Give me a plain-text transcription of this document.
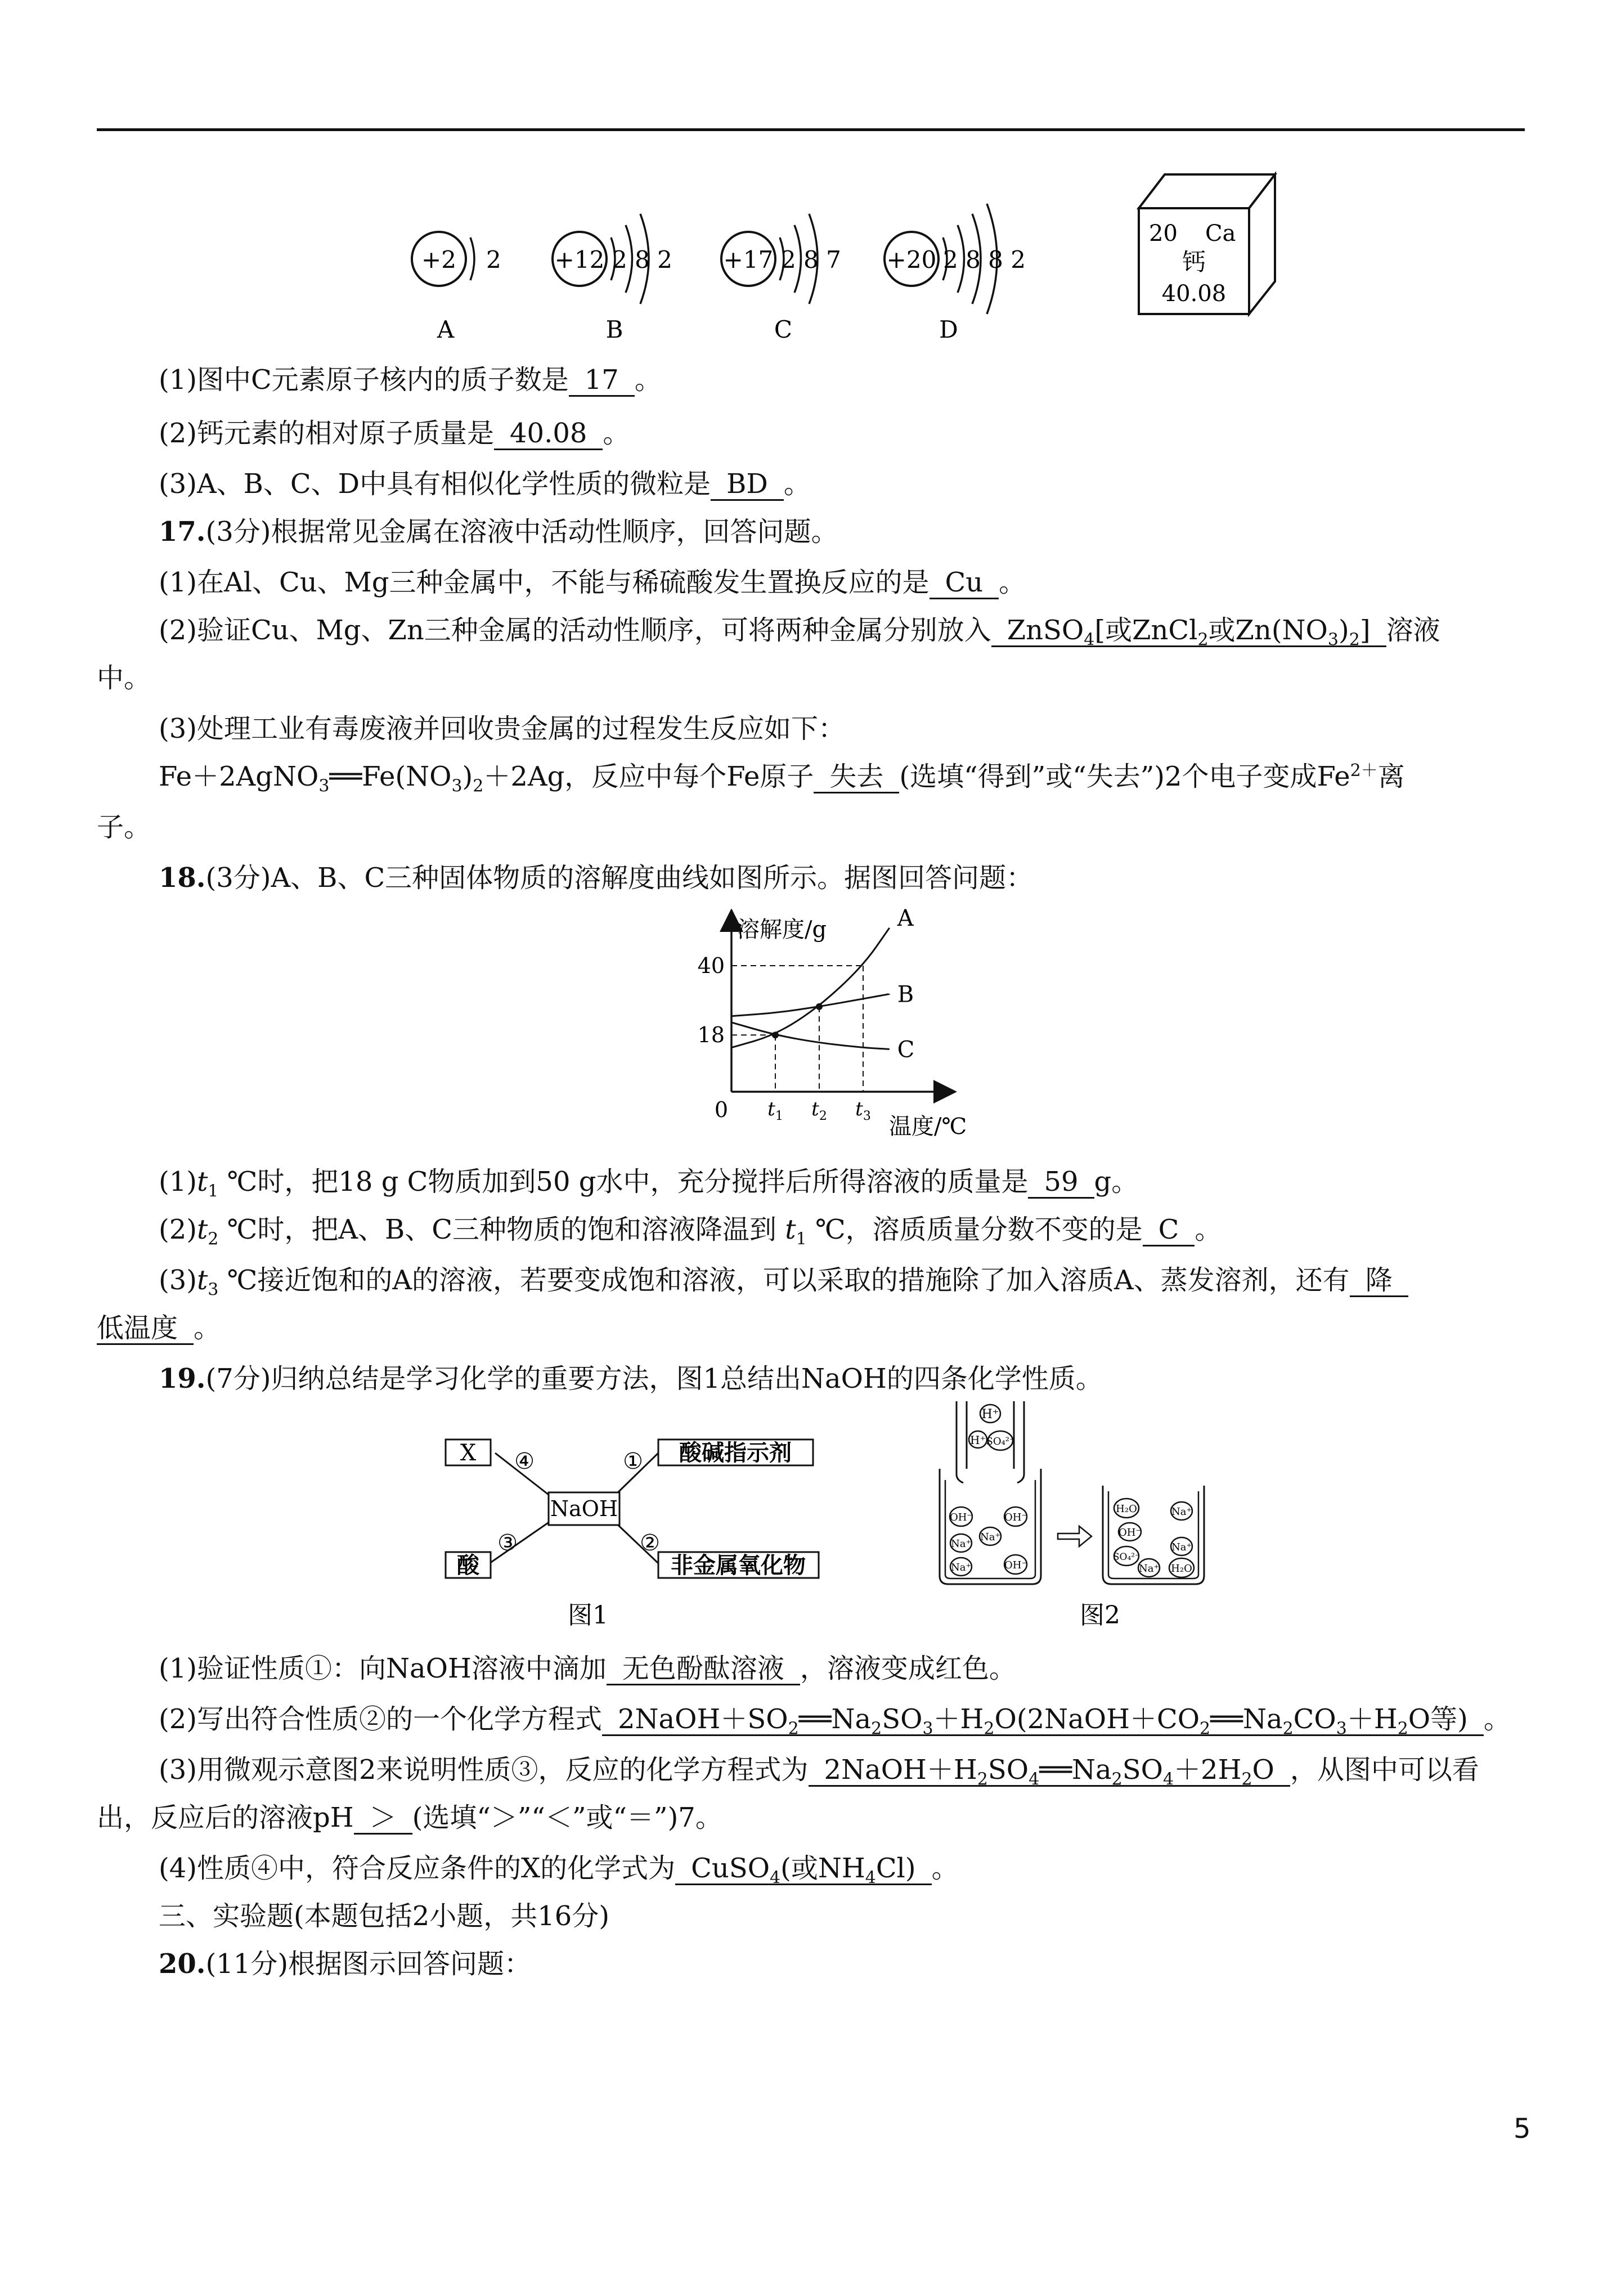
+2 2
A
+12 2 8 2
B
+17 2 8 7
C
+20 2 8 8 2
D
20 Ca
钙
40.08
(1)图中C元素原子核内的质子数是 17 。
(2)钙元素的相对原子质量是 40.08 。
(3)A、B、C、D中具有相似化学性质的微粒是 BD 。
17.(3分)根据常见金属在溶液中活动性顺序，回答问题。
(1)在Al、Cu、Mg三种金属中，不能与稀硫酸发生置换反应的是 Cu 。
(2)验证Cu、Mg、Zn三种金属的活动性顺序，可将两种金属分别放入 ZnSO$_4$[或ZnCl$_2$或$Zn(NO_3)_2$] 溶液
中。
(3)处理工业有毒废液并回收贵金属的过程发生反应如下：
$Fe+2AgNO_3══Fe(NO_3)_2+2Ag$，反应中每个Fe原子 失去 (选填“得到”或“失去”)2个电子变成$Fe^{2+}$离
子。
18.(3分)A、B、C三种固体物质的溶解度曲线如图所示。据图回答问题：
溶解度/g
温度/℃
0
A
B
C
18
40
$t_1$ $t_2$ $t_3$
$(1)t_1$ ℃时，把18 g C物质加到50 g水中，充分搅拌后所得溶液的质量是 59 g。
$(2)t_2$ ℃时，把A、B、C三种物质的饱和溶液降温到 $t_1$ ℃，溶质质量分数不变的是 C 。
$(3)t_3$ ℃接近饱和的A的溶液，若要变成饱和溶液，可以采取的措施除了加入溶质A、蒸发溶剂，还有 降
低温度 。
19.(7分)归纳总结是学习化学的重要方法，图1总结出NaOH的四条化学性质。
X	酸碱指示剂
NaOH
酸	非金属氧化物
④	①
③	②
图1
H⁺
H⁺ SO₄²⁻
OH⁻	OH⁻
Na⁺
Na⁺
Na⁺	OH⁻
H₂O	Na⁺
OH⁻
SO₄²⁻
Na⁺
Na⁺ H₂O
图2
(1)验证性质①：向NaOH溶液中滴加 无色酚酞溶液 ，溶液变成红色。
(2)写出符合性质②的一个化学方程式 $2NaOH+SO_2══Na_2SO_3+H_2O(2NaOH+CO_2══Na_2CO_3+H_2O$等) 。
(3)用微观示意图2来说明性质③，反应的化学方程式为 $2NaOH+H_2SO_4══Na_2SO_4+2H_2O$ ，从图中可以看
出，反应后的溶液pH ＞ (选填“＞”“＜”或“＝”)7。
(4)性质④中，符合反应条件的X的化学式为 CuSO$_4$(或$NH_4Cl$) 。
三、实验题(本题包括2小题，共16分)
20.(11分)根据图示回答问题：
5
